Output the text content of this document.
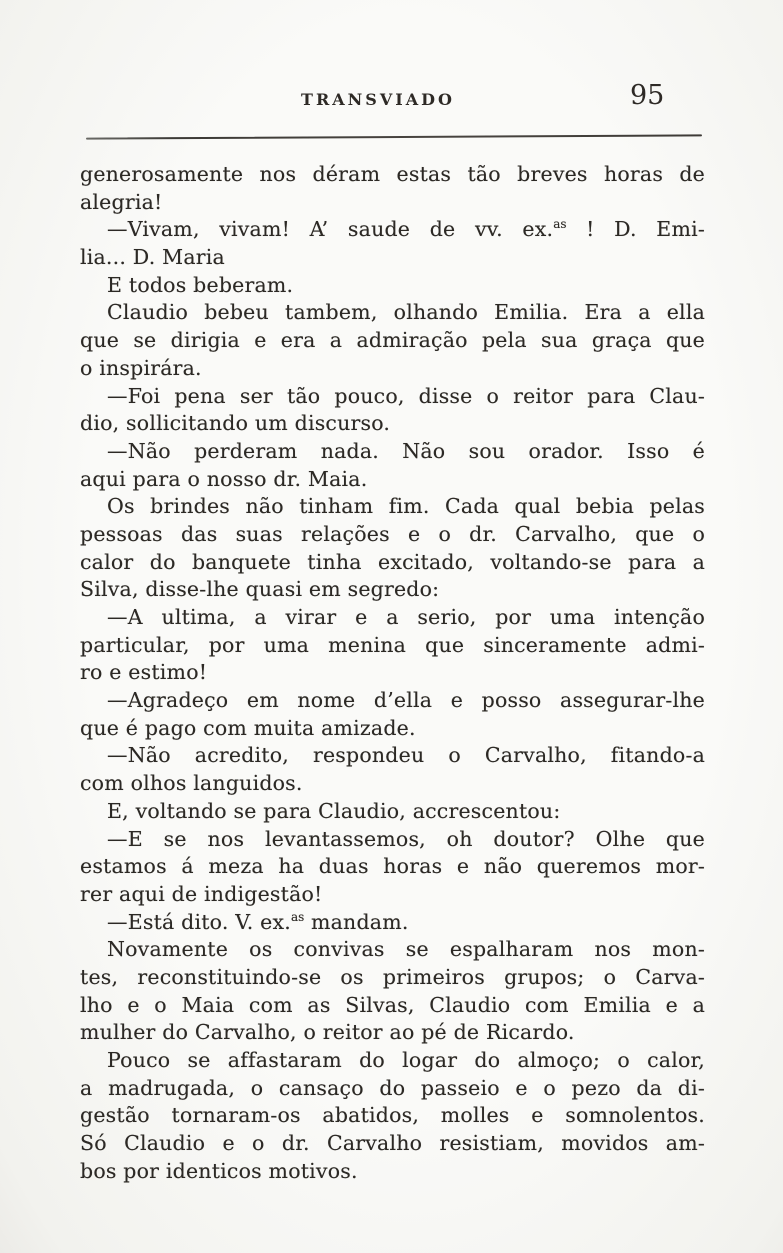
TRANSVIADO	95
generosamente nos déram estas tão breves horas de
alegria!
—Vivam, vivam! A’ saude de vv. ex.$^{as}$ ! D. Emi-
lia... D. Maria
E todos beberam.
Claudio bebeu tambem, olhando Emilia. Era a ella
que se dirigia e era a admiração pela sua graça que
o inspirára.
—Foi pena ser tão pouco, disse o reitor para Clau-
dio, sollicitando um discurso.
—Não perderam nada. Não sou orador. Isso é
aqui para o nosso dr. Maia.
Os brindes não tinham fim. Cada qual bebia pelas
pessoas das suas relações e o dr. Carvalho, que o
calor do banquete tinha excitado, voltando-se para a
Silva, disse-lhe quasi em segredo:
—A ultima, a virar e a serio, por uma intenção
particular, por uma menina que sinceramente admi-
ro e estimo!
—Agradeço em nome d’ella e posso assegurar-lhe
que é pago com muita amizade.
—Não acredito, respondeu o Carvalho, fitando-a
com olhos languidos.
E, voltando se para Claudio, accrescentou:
—E se nos levantassemos, oh doutor? Olhe que
estamos á meza ha duas horas e não queremos mor-
rer aqui de indigestão!
—Está dito. V. ex.$^{as}$ mandam.
Novamente os convivas se espalharam nos mon-
tes, reconstituindo-se os primeiros grupos; o Carva-
lho e o Maia com as Silvas, Claudio com Emilia e a
mulher do Carvalho, o reitor ao pé de Ricardo.
Pouco se affastaram do logar do almoço; o calor,
a madrugada, o cansaço do passeio e o pezo da di-
gestão tornaram-os abatidos, molles e somnolentos.
Só Claudio e o dr. Carvalho resistiam, movidos am-
bos por identicos motivos.
